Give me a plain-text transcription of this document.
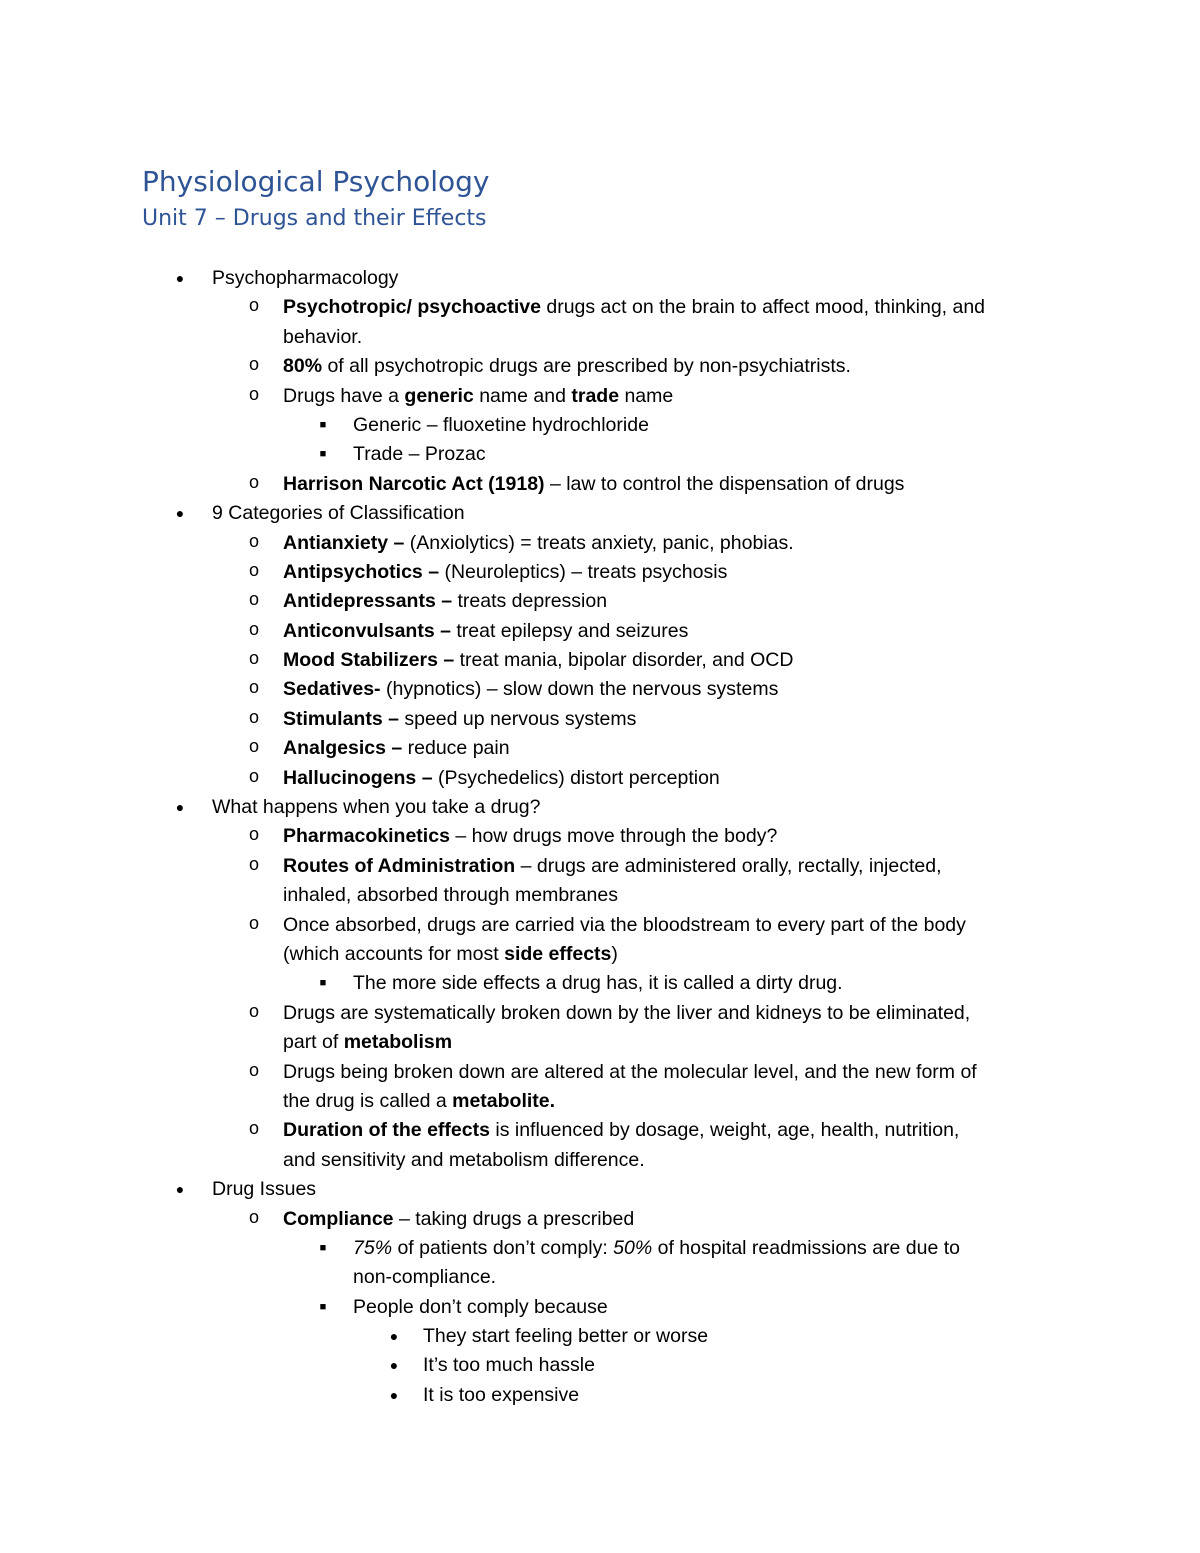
Physiological Psychology
Unit 7 – Drugs and their Effects
● Psychopharmacology
o Psychotropic/ psychoactive drugs act on the brain to affect mood, thinking, and
behavior.
o 80% of all psychotropic drugs are prescribed by non-psychiatrists.
o Drugs have a generic name and trade name
■	Generic – fluoxetine hydrochloride
■	Trade – Prozac
o Harrison Narcotic Act (1918) – law to control the dispensation of drugs
● 9 Categories of Classification
o Antianxiety – (Anxiolytics) = treats anxiety, panic, phobias.
o Antipsychotics – (Neuroleptics) – treats psychosis
o Antidepressants – treats depression
o Anticonvulsants – treat epilepsy and seizures
o Mood Stabilizers – treat mania, bipolar disorder, and OCD
o Sedatives- (hypnotics) – slow down the nervous systems
o Stimulants – speed up nervous systems
o Analgesics – reduce pain
o Hallucinogens – (Psychedelics) distort perception
● What happens when you take a drug?
o Pharmacokinetics – how drugs move through the body?
o Routes of Administration – drugs are administered orally, rectally, injected,
inhaled, absorbed through membranes
o Once absorbed, drugs are carried via the bloodstream to every part of the body
(which accounts for most side effects)
■	The more side effects a drug has, it is called a dirty drug.
o Drugs are systematically broken down by the liver and kidneys to be eliminated,
part of metabolism
o Drugs being broken down are altered at the molecular level, and the new form of
the drug is called a metabolite.
o Duration of the effects is influenced by dosage, weight, age, health, nutrition,
and sensitivity and metabolism difference.
● Drug Issues
o Compliance – taking drugs a prescribed
■	75% of patients don’t comply: 50% of hospital readmissions are due to
non-compliance.
■	People don’t comply because
● They start feeling better or worse
● It’s too much hassle
● It is too expensive
